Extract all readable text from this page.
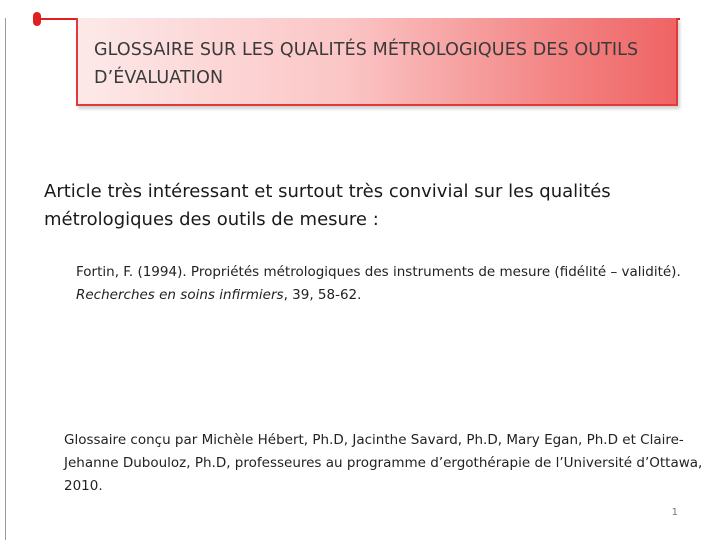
GLOSSAIRE SUR LES QUALITÉS MÉTROLOGIQUES DES OUTILS D’ÉVALUATION
Article très intéressant et surtout très convivial sur les qualités métrologiques des outils de mesure :
Fortin, F. (1994). Propriétés métrologiques des instruments de mesure (fidélité – validité). Recherches en soins infirmiers, 39, 58-62.
Glossaire conçu par Michèle Hébert, Ph.D, Jacinthe Savard, Ph.D, Mary Egan, Ph.D et Claire-Jehanne Dubouloz, Ph.D, professeures au programme d’ergothérapie de l’Université d’Ottawa, 2010.
1
